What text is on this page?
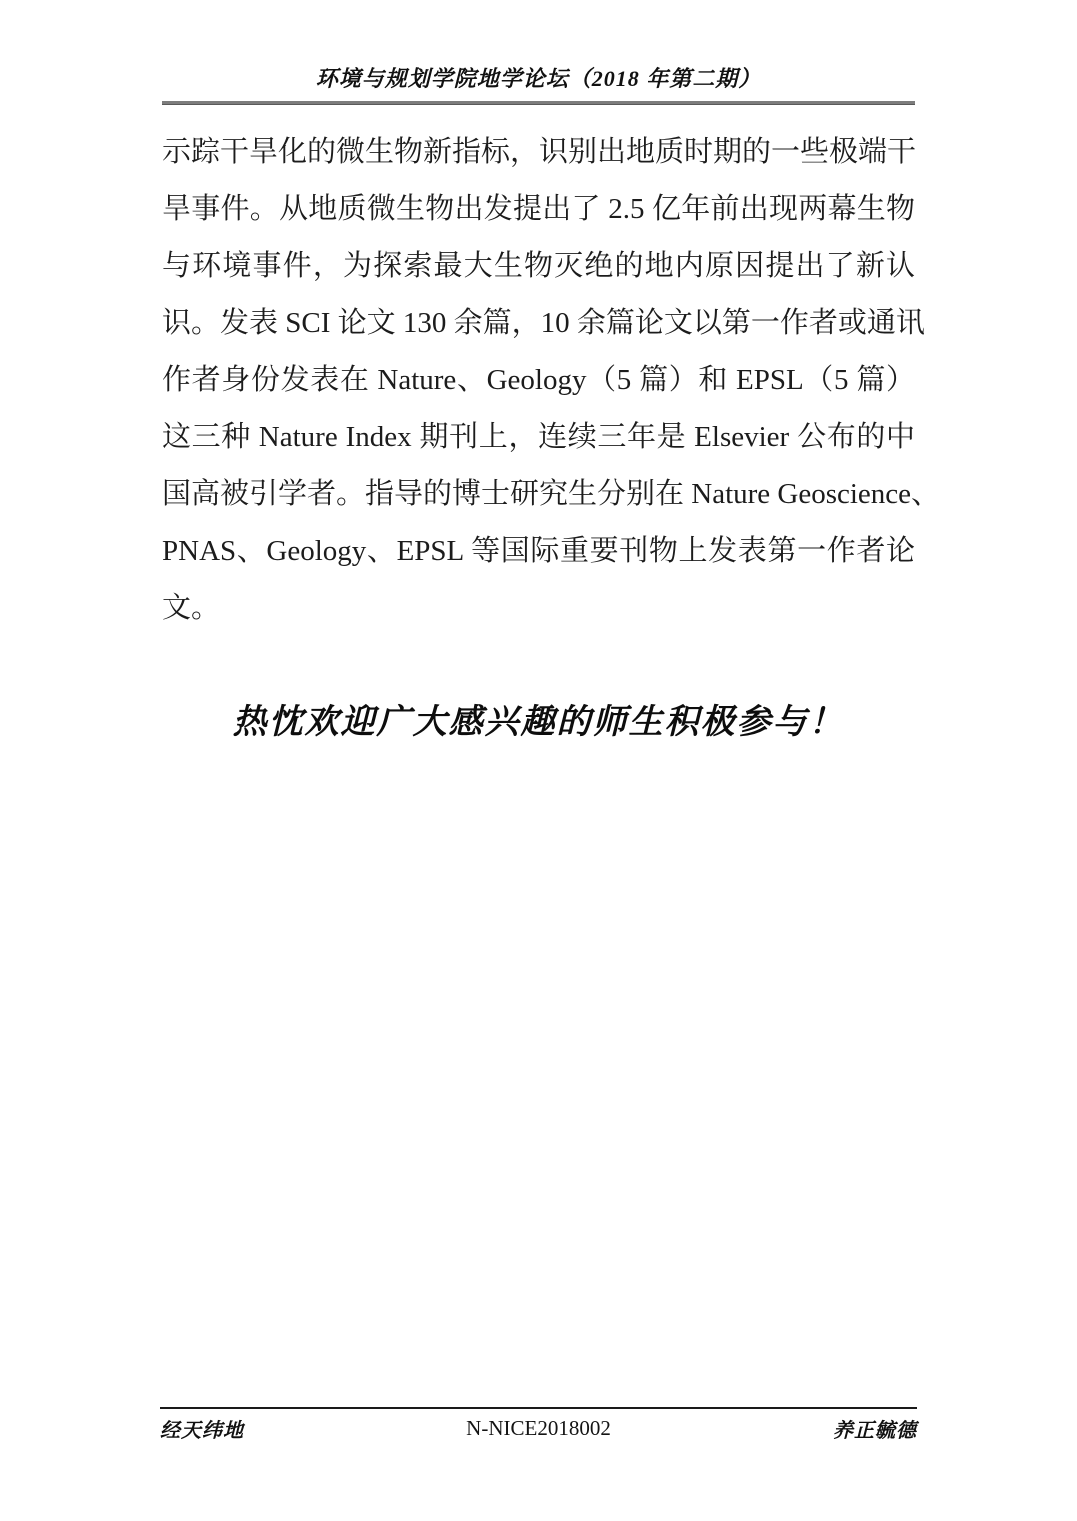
环境与规划学院地学论坛（2018 年第二期）
示踪干旱化的微生物新指标，识别出地质时期的一些极端干
旱事件。从地质微生物出发提出了 2.5 亿年前出现两幕生物
与环境事件，为探索最大生物灭绝的地内原因提出了新认
识。发表 SCI 论文 130 余篇，10 余篇论文以第一作者或通讯
作者身份发表在 Nature、Geology（5 篇）和 EPSL（5 篇）
这三种 Nature Index 期刊上，连续三年是 Elsevier 公布的中
国高被引学者。指导的博士研究生分别在 Nature Geoscience、
PNAS、Geology、EPSL 等国际重要刊物上发表第一作者论
文。
热忱欢迎广大感兴趣的师生积极参与！
N-NICE2018002
经天纬地	养正毓德
